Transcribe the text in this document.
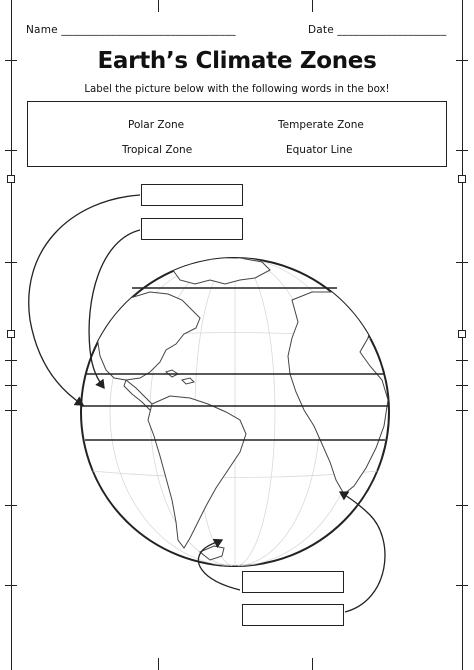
Name ________________________________	Date ____________________
Earth’s Climate Zones
Label the picture below with the following words in the box!
Polar Zone	Temperate Zone
Tropical Zone	Equator Line
